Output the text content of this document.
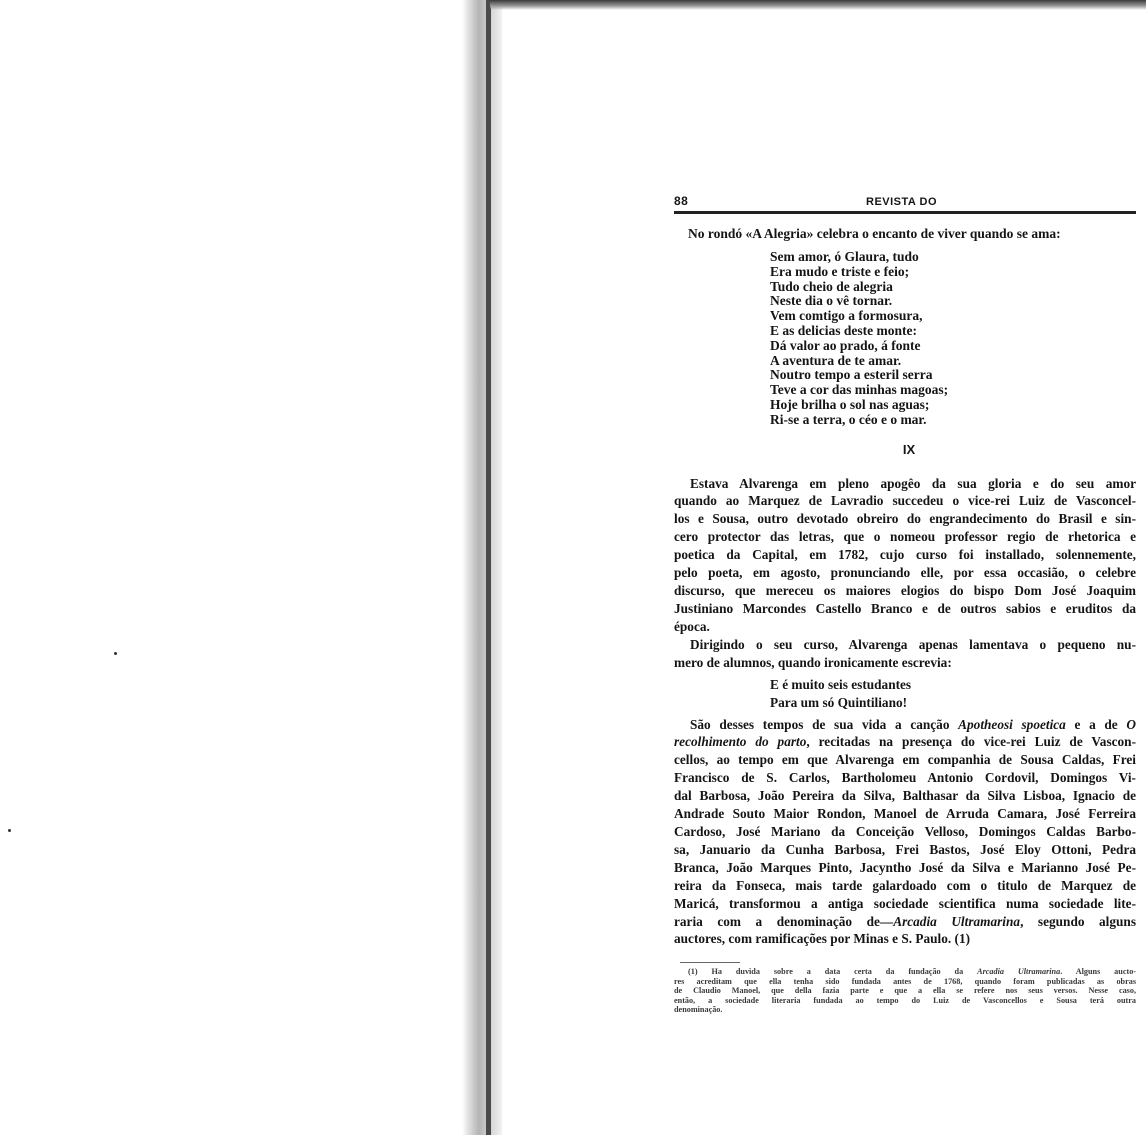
88	REVISTA DO
No rondó «A Alegria» celebra o encanto de viver quando se ama:
Sem amor, ó Glaura, tudo
Era mudo e triste e feio;
Tudo cheio de alegria
Neste dia o vê tornar.
Vem comtigo a formosura,
E as delicias deste monte:
Dá valor ao prado, á fonte
A aventura de te amar.
Noutro tempo a esteril serra
Teve a cor das minhas magoas;
Hoje brilha o sol nas aguas;
Ri-se a terra, o céo e o mar.
IX
Estava Alvarenga em pleno apogêo da sua gloria e do seu amor
quando ao Marquez de Lavradio succedeu o vice-rei Luiz de Vasconcel-
los e Sousa, outro devotado obreiro do engrandecimento do Brasil e sin-
cero protector das letras, que o nomeou professor regio de rhetorica e
poetica da Capital, em 1782, cujo curso foi installado, solennemente,
pelo poeta, em agosto, pronunciando elle, por essa occasião, o celebre
discurso, que mereceu os maiores elogios do bispo Dom José Joaquim
Justiniano Marcondes Castello Branco e de outros sabios e eruditos da
época.
Dirigindo o seu curso, Alvarenga apenas lamentava o pequeno nu-
mero de alumnos, quando ironicamente escrevia:
E é muito seis estudantes
Para um só Quintiliano!
São desses tempos de sua vida a canção Apotheosi spoetica e a de O
recolhimento do parto, recitadas na presença do vice-rei Luiz de Vascon-
cellos, ao tempo em que Alvarenga em companhia de Sousa Caldas, Frei
Francisco de S. Carlos, Bartholomeu Antonio Cordovil, Domingos Vi-
dal Barbosa, João Pereira da Silva, Balthasar da Silva Lisboa, Ignacio de
Andrade Souto Maior Rondon, Manoel de Arruda Camara, José Ferreira
Cardoso, José Mariano da Conceição Velloso, Domingos Caldas Barbo-
sa, Januario da Cunha Barbosa, Frei Bastos, José Eloy Ottoni, Pedra
Branca, João Marques Pinto, Jacyntho José da Silva e Marianno José Pe-
reira da Fonseca, mais tarde galardoado com o titulo de Marquez de
Maricá, transformou a antiga sociedade scientifica numa sociedade lite-
raria com a denominação de—Arcadia Ultramarina, segundo alguns
auctores, com ramificações por Minas e S. Paulo. (1)
(1) Ha duvida sobre a data certa da fundação da Arcadia Ultramarina. Alguns auctо-
res acreditam que ella tenha sido fundada antes de 1768, quando foram publicadas as obras
de Claudio Manoel, que della fazia parte e que a ella se refere nos seus versos. Nesse caso,
então, a sociedade literaria fundada ao tempo do Luiz de Vasconcellos e Sousa terá outra
denominação.
